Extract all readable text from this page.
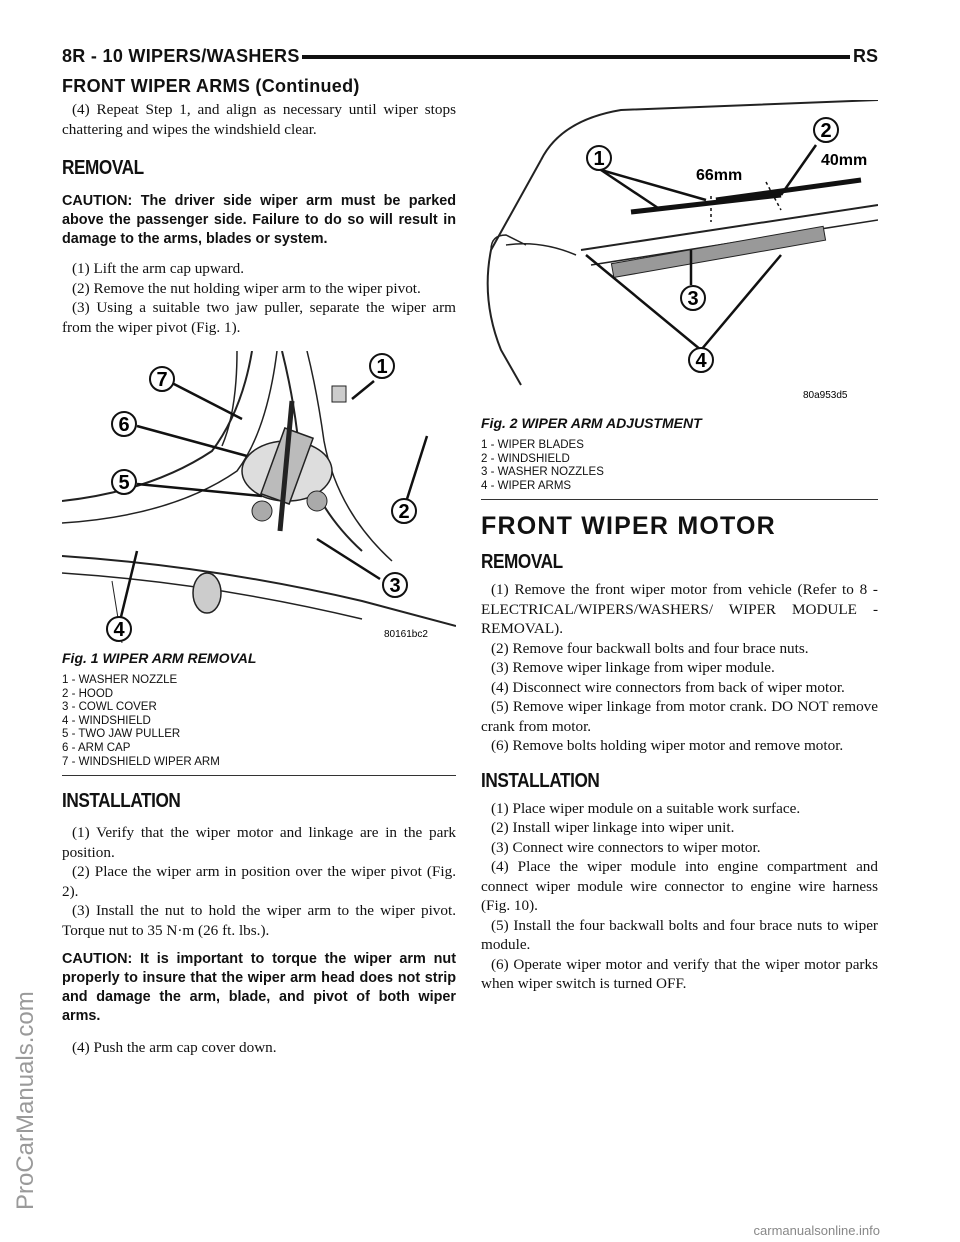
8R - 10 WIPERS/WASHERS	RS
FRONT WIPER ARMS (Continued)

(4) Repeat Step 1, and align as necessary until wiper stops chattering and wipes the windshield clear.

REMOVAL

CAUTION: The driver side wiper arm must be parked above the passenger side. Failure to do so will result in damage to the arms, blades or system.

(1) Lift the arm cap upward.

(2) Remove the nut holding wiper arm to the wiper pivot.

(3) Using a suitable two jaw puller, separate the wiper arm from the wiper pivot (Fig. 1).

1
2
3
4
5
6
7
80161bc2
Fig. 1 WIPER ARM REMOVAL
1 - WASHER NOZZLE
2 - HOOD
3 - COWL COVER
4 - WINDSHIELD
5 - TWO JAW PULLER
6 - ARM CAP
7 - WINDSHIELD WIPER ARM
INSTALLATION

(1) Verify that the wiper motor and linkage are in the park position.

(2) Place the wiper arm in position over the wiper pivot (Fig. 2).

(3) Install the nut to hold the wiper arm to the wiper pivot. Torque nut to 35 N·m (26 ft. lbs.).

CAUTION: It is important to torque the wiper arm nut properly to insure that the wiper arm head does not strip and damage the arm, blade, and pivot of both wiper arms.

(4) Push the arm cap cover down.

66mm
40mm
1
2
3
4
80a953d5
Fig. 2 WIPER ARM ADJUSTMENT
1 - WIPER BLADES
2 - WINDSHIELD
3 - WASHER NOZZLES
4 - WIPER ARMS
FRONT WIPER MOTOR
REMOVAL

(1) Remove the front wiper motor from vehicle (Refer to 8 - ELECTRICAL/WIPERS/WASHERS/ WIPER MODULE - REMOVAL).

(2) Remove four backwall bolts and four brace nuts.

(3) Remove wiper linkage from wiper module.

(4) Disconnect wire connectors from back of wiper motor.

(5) Remove wiper linkage from motor crank. DO NOT remove crank from motor.

(6) Remove bolts holding wiper motor and remove motor.

INSTALLATION

(1) Place wiper module on a suitable work surface.

(2) Install wiper linkage into wiper unit.

(3) Connect wire connectors to wiper motor.

(4) Place the wiper module into engine compartment and connect wiper module wire connector to engine wire harness (Fig. 10).

(5) Install the four backwall bolts and four brace nuts to wiper module.

(6) Operate wiper motor and verify that the wiper motor parks when wiper switch is turned OFF.

ProCarManuals.com
carmanualsonline.info
